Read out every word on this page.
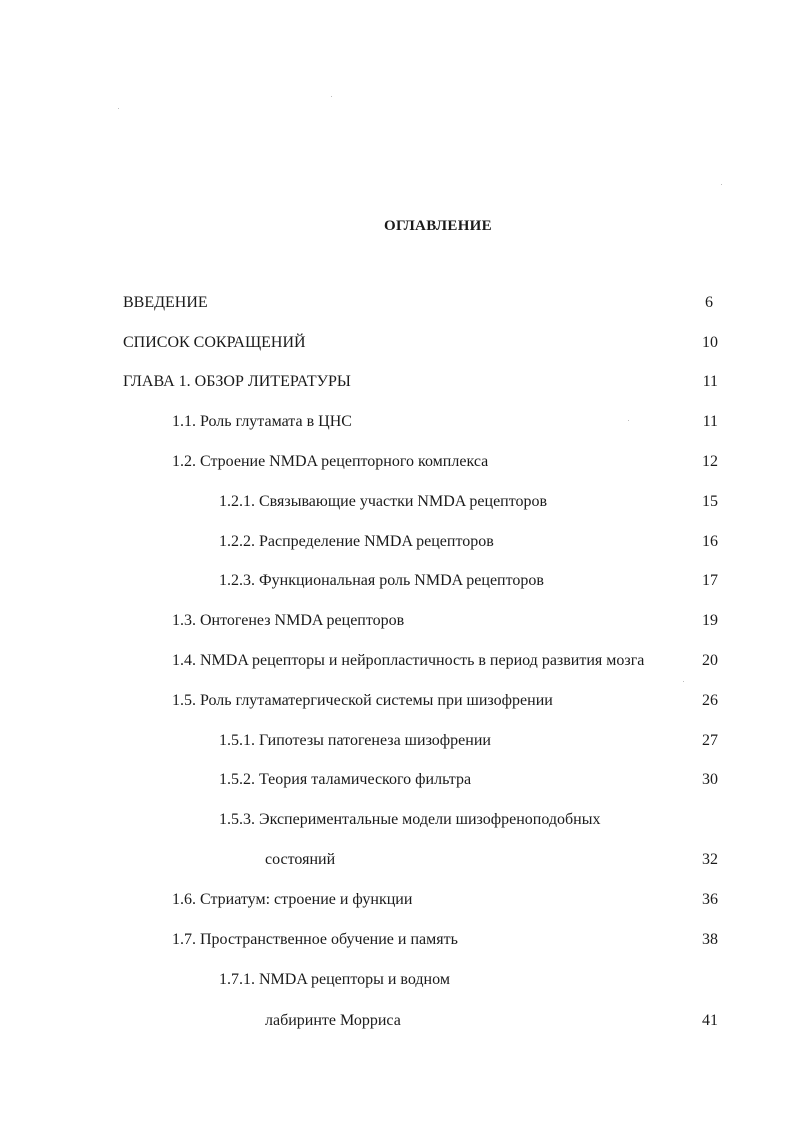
ОГЛАВЛЕНИЕ
ВВЕДЕНИЕ	6
СПИСОК СОКРАЩЕНИЙ	10
ГЛАВА 1. ОБЗОР ЛИТЕРАТУРЫ	11
1.1. Роль глутамата в ЦНС	11
1.2. Строение NMDA рецепторного комплекса	12
1.2.1. Связывающие участки NMDA рецепторов	15
1.2.2. Распределение NMDA рецепторов	16
1.2.3. Функциональная роль NMDA рецепторов	17
1.3. Онтогенез NMDA рецепторов	19
1.4. NMDA рецепторы и нейропластичность в период развития мозга	20
1.5. Роль глутаматергической системы при шизофрении	26
1.5.1. Гипотезы патогенеза шизофрении	27
1.5.2. Теория таламического фильтра	30
1.5.3. Экспериментальные модели шизофреноподобных
состояний	32
1.6. Стриатум: строение и функции	36
1.7. Пространственное обучение и память	38
1.7.1. NMDA рецепторы и водном
лабиринте Морриса	41
